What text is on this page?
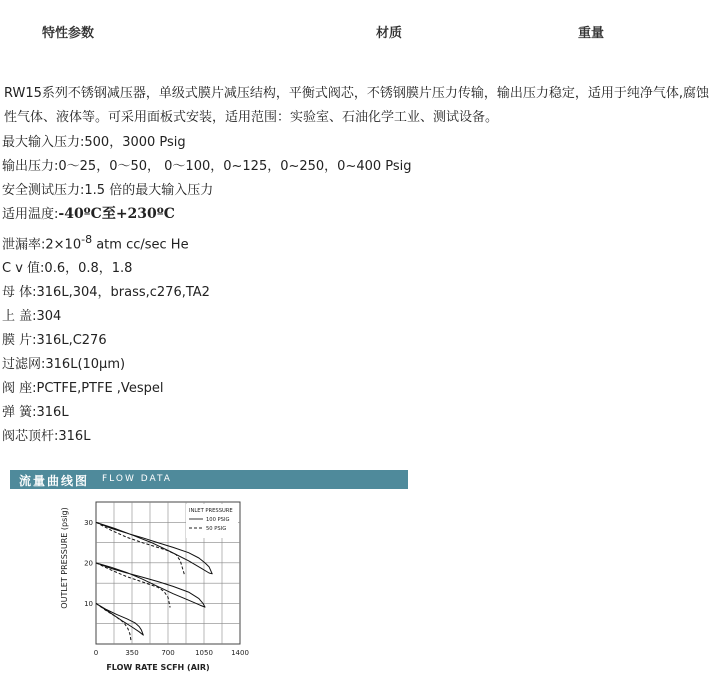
特性参数	材质	重量
RW15系列不锈钢减压器，单级式膜片减压结构，平衡式阀芯，不锈钢膜片压力传输，输出压力稳定，适用于纯净气体,腐蚀性气体、液体等。可采用面板式安装，适用范围：实验室、石油化学工业、测试设备。
最大输入压力:500，3000 Psig
输出压力:0～25，0～50， 0～100，0~125，0~250，0~400 Psig
安全测试压力:1.5 倍的最大输入压力
适用温度:-40ºC至+230ºC
泄漏率$:2\times 10^{-8}$ atm cc/sec He
C v 值:0.6，0.8，1.8
母 体:316L,304，brass,c276,TA2
上 盖:304
膜 片:316L,C276
过滤网:316L(10μm)
阀 座:PCTFE,PTFE ,Vespel
弹 簧:316L
阀芯顶杆:316L
流量曲线图 FLOW DATA
0	350	700	1050	1400
10
20
30
INLET PRESSURE
100 PSIG
50 PSIG
FLOW RATE SCFH (AIR)
OUTLET PRESSURE (psig)
